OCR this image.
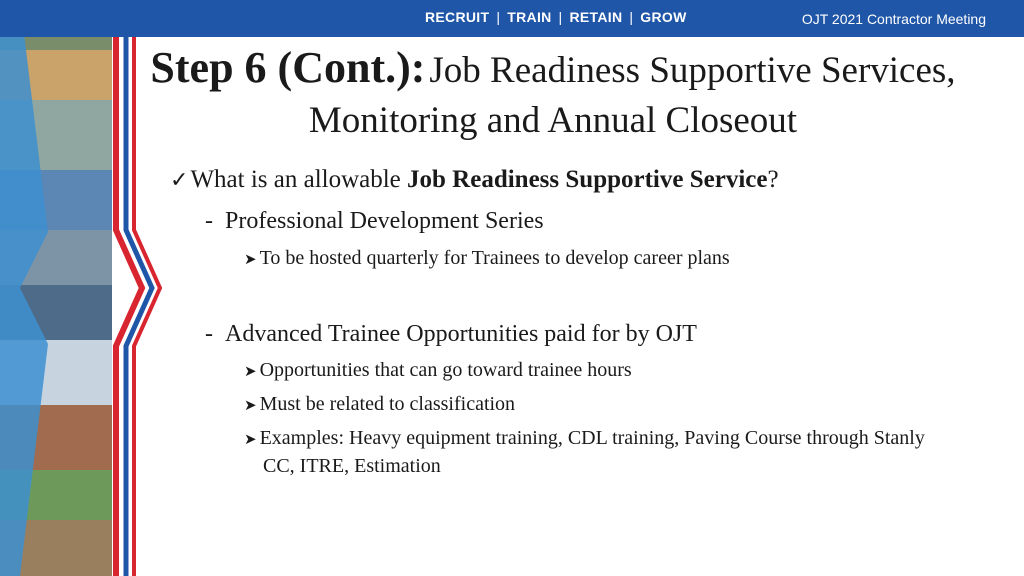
RECRUIT | TRAIN | RETAIN | GROW	OJT 2021 Contractor Meeting
Step 6 (Cont.): Job Readiness Supportive Services,
Monitoring and Annual Closeout
✓What is an allowable Job Readiness Supportive Service?
- Professional Development Series
➤ To be hosted quarterly for Trainees to develop career plans
- Advanced Trainee Opportunities paid for by OJT
➤ Opportunities that can go toward trainee hours
➤ Must be related to classification
➤ Examples: Heavy equipment training, CDL training, Paving Course through Stanly
CC, ITRE, Estimation
